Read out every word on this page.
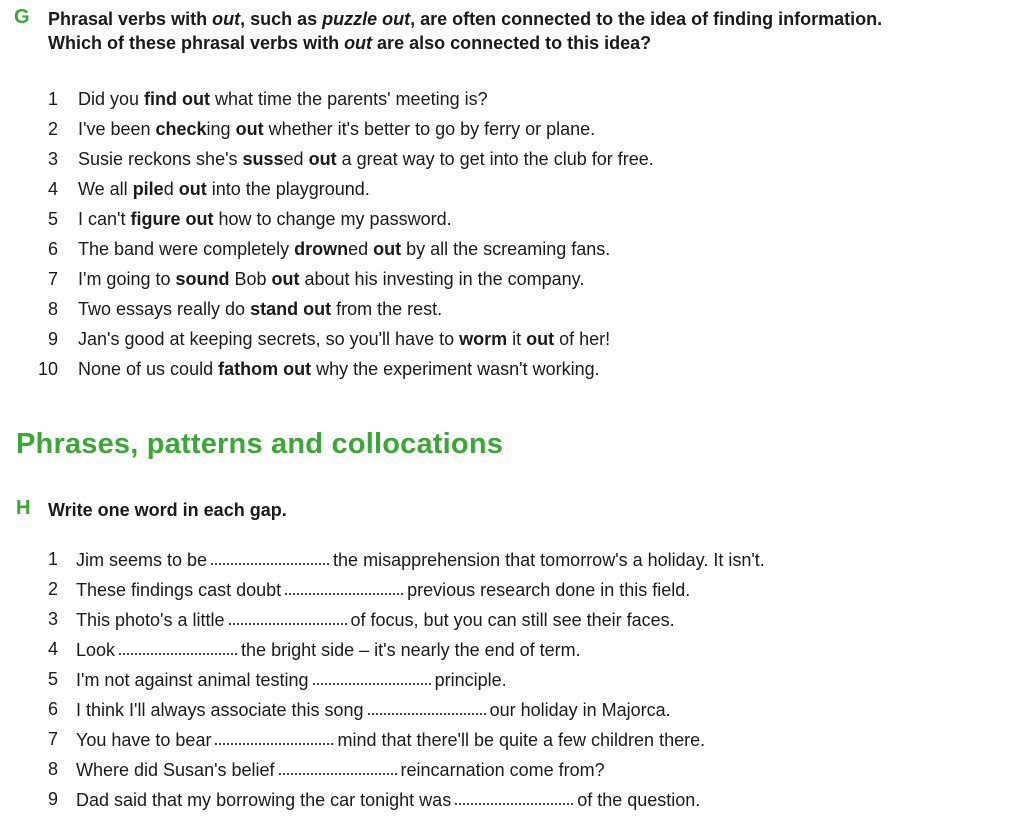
G Phrasal verbs with out, such as puzzle out, are often connected to the idea of finding information.
Which of these phrasal verbs with out are also connected to this idea?
1 Did you find out what time the parents' meeting is?
2 I've been checking out whether it's better to go by ferry or plane.
3 Susie reckons she's sussed out a great way to get into the club for free.
4 We all piled out into the playground.
5 I can't figure out how to change my password.
6 The band were completely drowned out by all the screaming fans.
7 I'm going to sound Bob out about his investing in the company.
8 Two essays really do stand out from the rest.
9 Jan's good at keeping secrets, so you'll have to worm it out of her!
10 None of us could fathom out why the experiment wasn't working.
Phrases, patterns and collocations
H Write one word in each gap.
1 Jim seems to be	the misapprehension that tomorrow's a holiday. It isn't.
2 These findings cast doubt	previous research done in this field.
3 This photo's a little	of focus, but you can still see their faces.
4 Look	the bright side – it's nearly the end of term.
5 I'm not against animal testing	principle.
6 I think I'll always associate this song	our holiday in Majorca.
7 You have to bear	mind that there'll be quite a few children there.
8 Where did Susan's belief	reincarnation come from?
9 Dad said that my borrowing the car tonight was	of the question.
